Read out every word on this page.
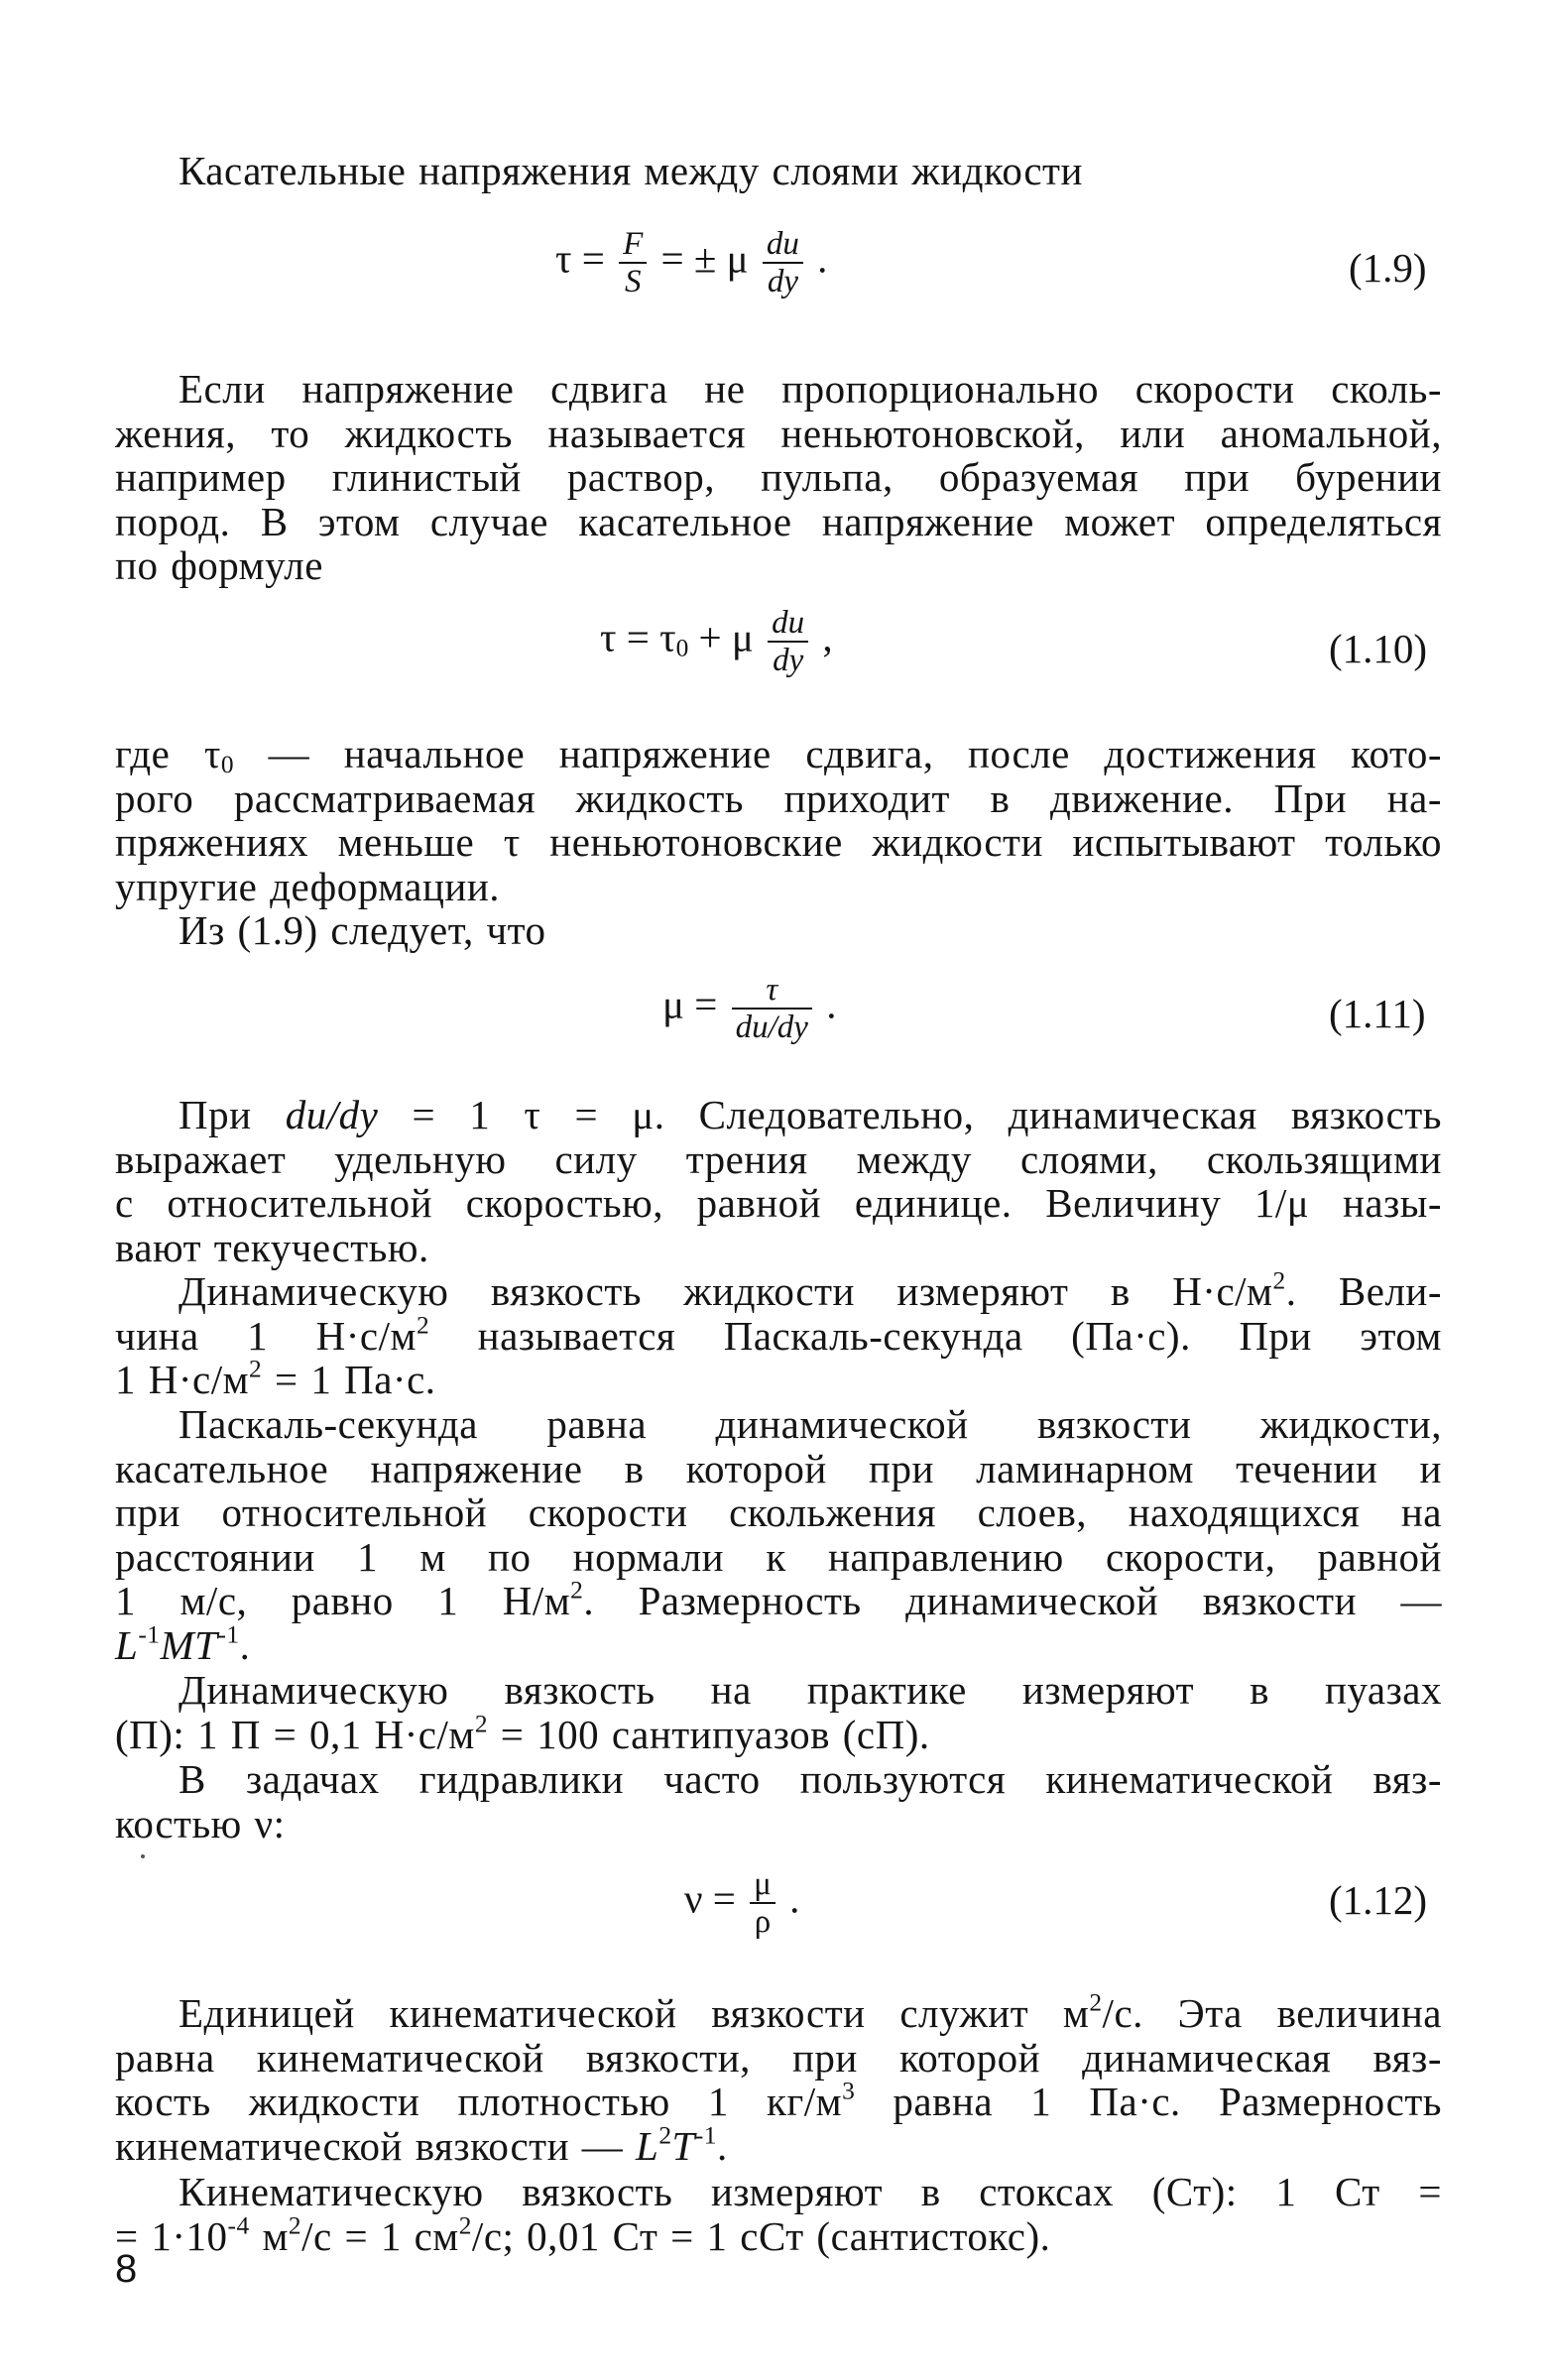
Касательные напряжения между слоями жидкости
$\tau = \frac{F}{S}$ = ± μ $\frac{du}{dy}$ .	(1.9)
Если напряжение сдвига не пропорционально скорости сколь-
жения, то жидкость называется неньютоновской, или аномальной,
например глинистый раствор, пульпа, образуемая при бурении
пород. В этом случае касательное напряжение может определяться
по формуле
$\tau = \tau_0 + \mu \frac{du}{dy}$ ,	(1.10)
где $\tau_0$ — начальное напряжение сдвига, после достижения кото-
рого рассматриваемая жидкость приходит в движение. При на-
пряжениях меньше τ неньютоновские жидкости испытывают только
упругие деформации.
Из (1.9) следует, что
$\mu = \frac{\tau}{du/dy}$ .	(1.11)
При du/dy = 1 τ = μ. Следовательно, динамическая вязкость
выражает удельную силу трения между слоями, скользящими
с относительной скоростью, равной единице. Величину 1/μ назы-
вают текучестью.
Динамическую вязкость жидкости измеряют в $Н\cdot с/м^2$. Вели-
чина 1 $Н\cdot с/м^2$ называется Паскаль-секунда (Па·с). При этом
1 $Н\cdot с/м^2 = 1$ Па·с.
Паскаль-секунда равна динамической вязкости жидкости,
касательное напряжение в которой при ламинарном течении и
при относительной скорости скольжения слоев, находящихся на
расстоянии 1 м по нормали к направлению скорости, равной
1 м/с, равно 1 $Н/м^2$. Размерность динамической вязкости —
$L^{-1}MT^{-1}$.
Динамическую вязкость на практике измеряют в пуазах
(П): 1 П = 0,1 $Н\cdot с/м^2 = 100$ сантипуазов (сП).
В задачах гидравлики часто пользуются кинематической вяз-
костью ν:
$\nu = \frac{\mu}{\rho}$ .	(1.12)
Единицей кинематической вязкости служит $м^2/с$. Эта величина
равна кинематической вязкости, при которой динамическая вяз-
кость жидкости плотностью 1 $кг/м^3$ равна 1 Па·с. Размерность
кинематической вязкости — $L^2T^{-1}$.
Кинематическую вязкость измеряют в стоксах (Ст): 1 Ст =
= $1\cdot 10^{-4}$ $м^2/с = 1$ $см^2/с$; 0,01 Ст = 1 сСт (сантистокс).
8
